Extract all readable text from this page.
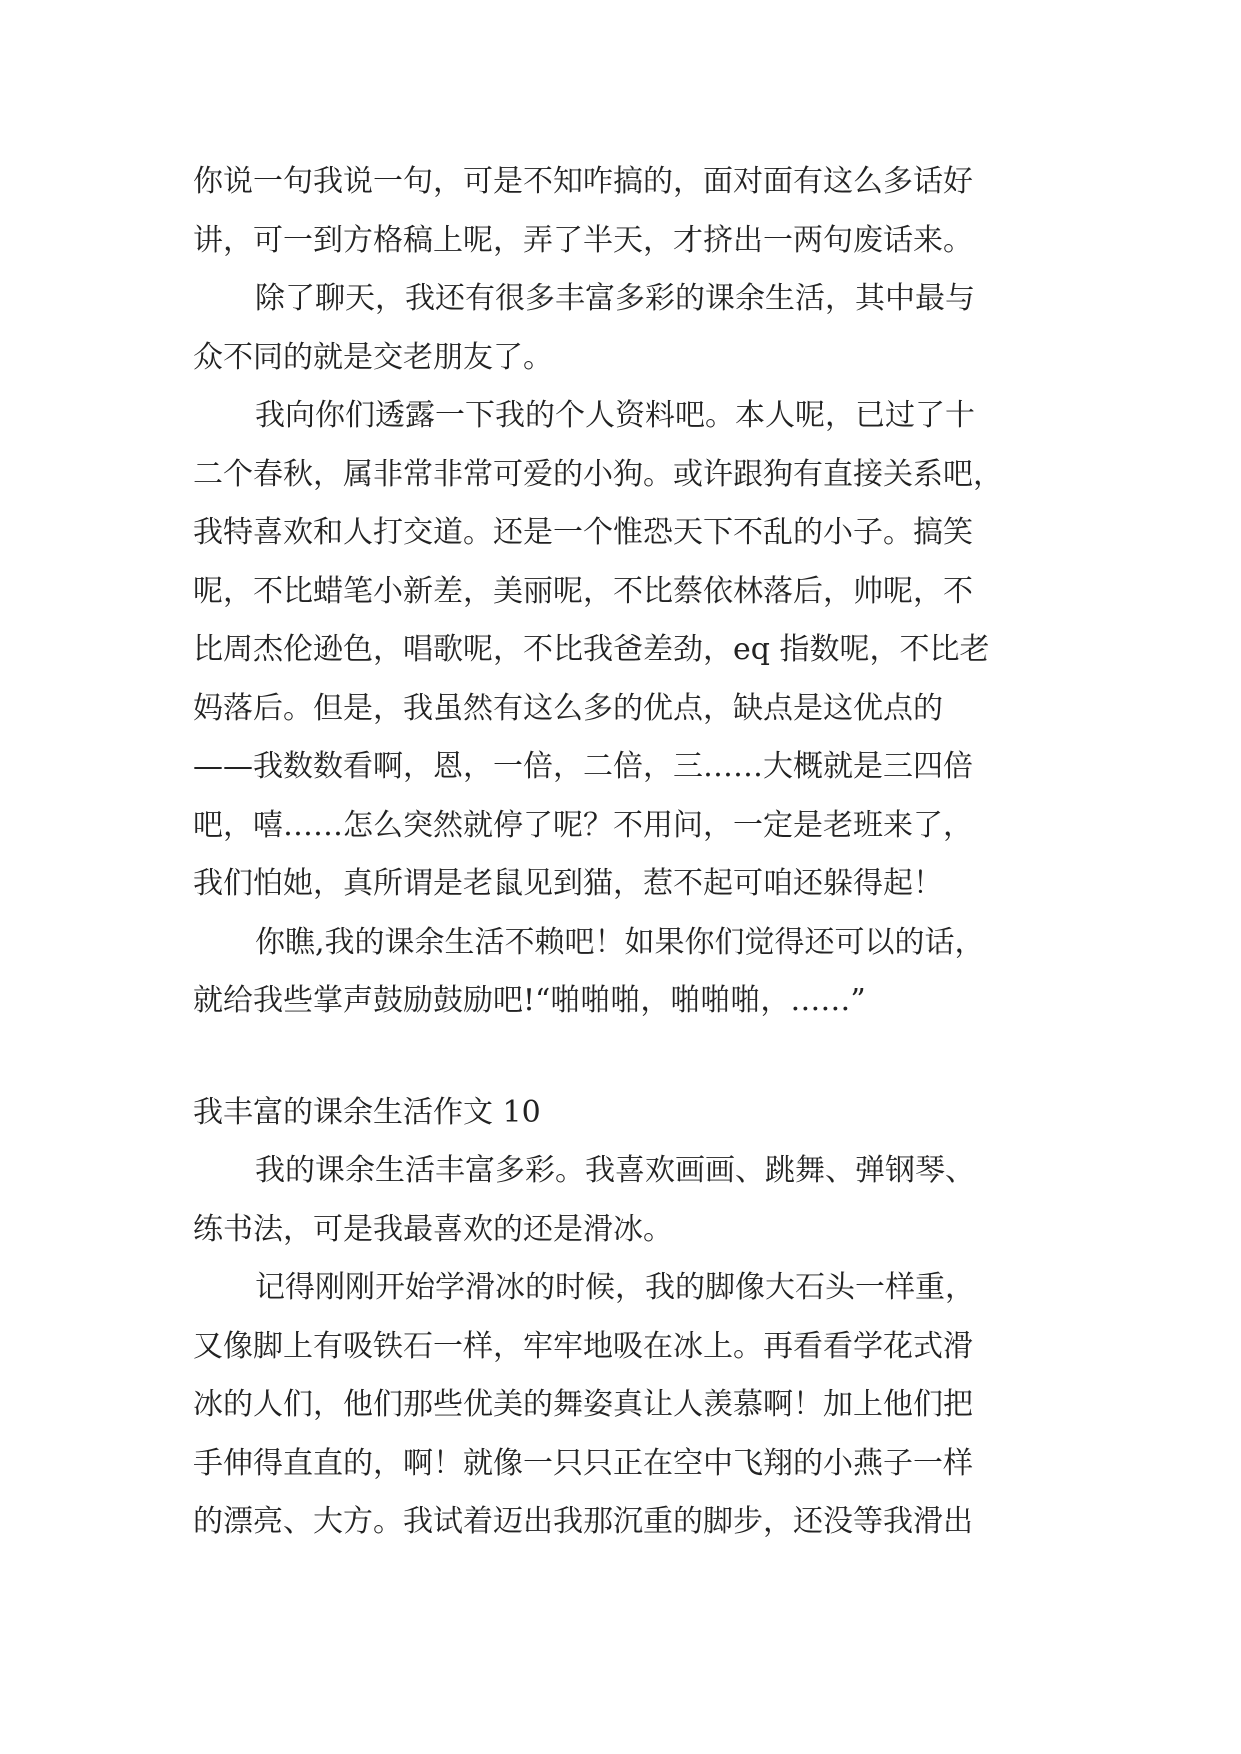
你说一句我说一句，可是不知咋搞的，面对面有这么多话好
讲，可一到方格稿上呢，弄了半天，才挤出一两句废话来。
除了聊天，我还有很多丰富多彩的课余生活，其中最与
众不同的就是交老朋友了。
我向你们透露一下我的个人资料吧。本人呢，已过了十
二个春秋，属非常非常可爱的小狗。或许跟狗有直接关系吧，
我特喜欢和人打交道。还是一个惟恐天下不乱的小子。搞笑
呢，不比蜡笔小新差，美丽呢，不比蔡依林落后，帅呢，不
比周杰伦逊色，唱歌呢，不比我爸差劲，eq 指数呢，不比老
妈落后。但是，我虽然有这么多的优点，缺点是这优点的
——我数数看啊，恩，一倍，二倍，三……大概就是三四倍
吧，嘻……怎么突然就停了呢？不用问，一定是老班来了，
我们怕她，真所谓是老鼠见到猫，惹不起可咱还躲得起！
你瞧,我的课余生活不赖吧！如果你们觉得还可以的话，
就给我些掌声鼓励鼓励吧!“啪啪啪，啪啪啪，……”
我丰富的课余生活作文 10
我的课余生活丰富多彩。我喜欢画画、跳舞、弹钢琴、
练书法，可是我最喜欢的还是滑冰。
记得刚刚开始学滑冰的时候，我的脚像大石头一样重，
又像脚上有吸铁石一样，牢牢地吸在冰上。再看看学花式滑
冰的人们，他们那些优美的舞姿真让人羡慕啊！加上他们把
手伸得直直的，啊！就像一只只正在空中飞翔的小燕子一样
的漂亮、大方。我试着迈出我那沉重的脚步，还没等我滑出
